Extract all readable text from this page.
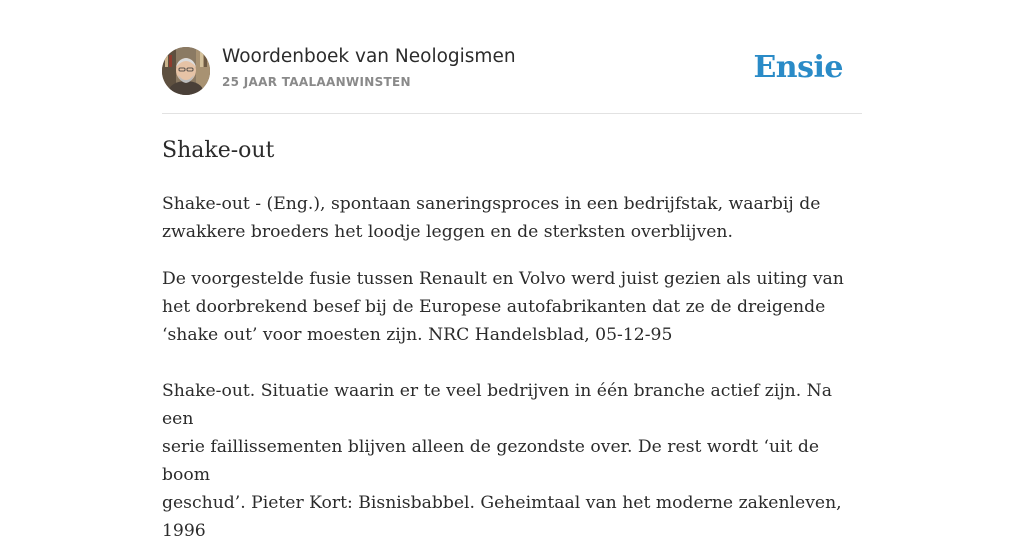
Woordenboek van Neologismen
25 JAAR TAALAANWINSTEN	Ensie
Shake-out

Shake-out - (Eng.), spontaan saneringsproces in een bedrijfstak, waarbij de
zwakkere broeders het loodje leggen en de sterksten overblijven.

De voorgestelde fusie tussen Renault en Volvo werd juist gezien als uiting van
het doorbrekend besef bij de Europese autofabrikanten dat ze de dreigende
‘shake out’ voor moesten zijn. NRC Handelsblad, 05-12-95

Shake-out. Situatie waarin er te veel bedrijven in één branche actief zijn. Na een
serie faillissementen blijven alleen de gezondste over. De rest wordt ‘uit de boom
geschud’. Pieter Kort: Bisnisbabbel. Geheimtaal van het moderne zakenleven,
1996
